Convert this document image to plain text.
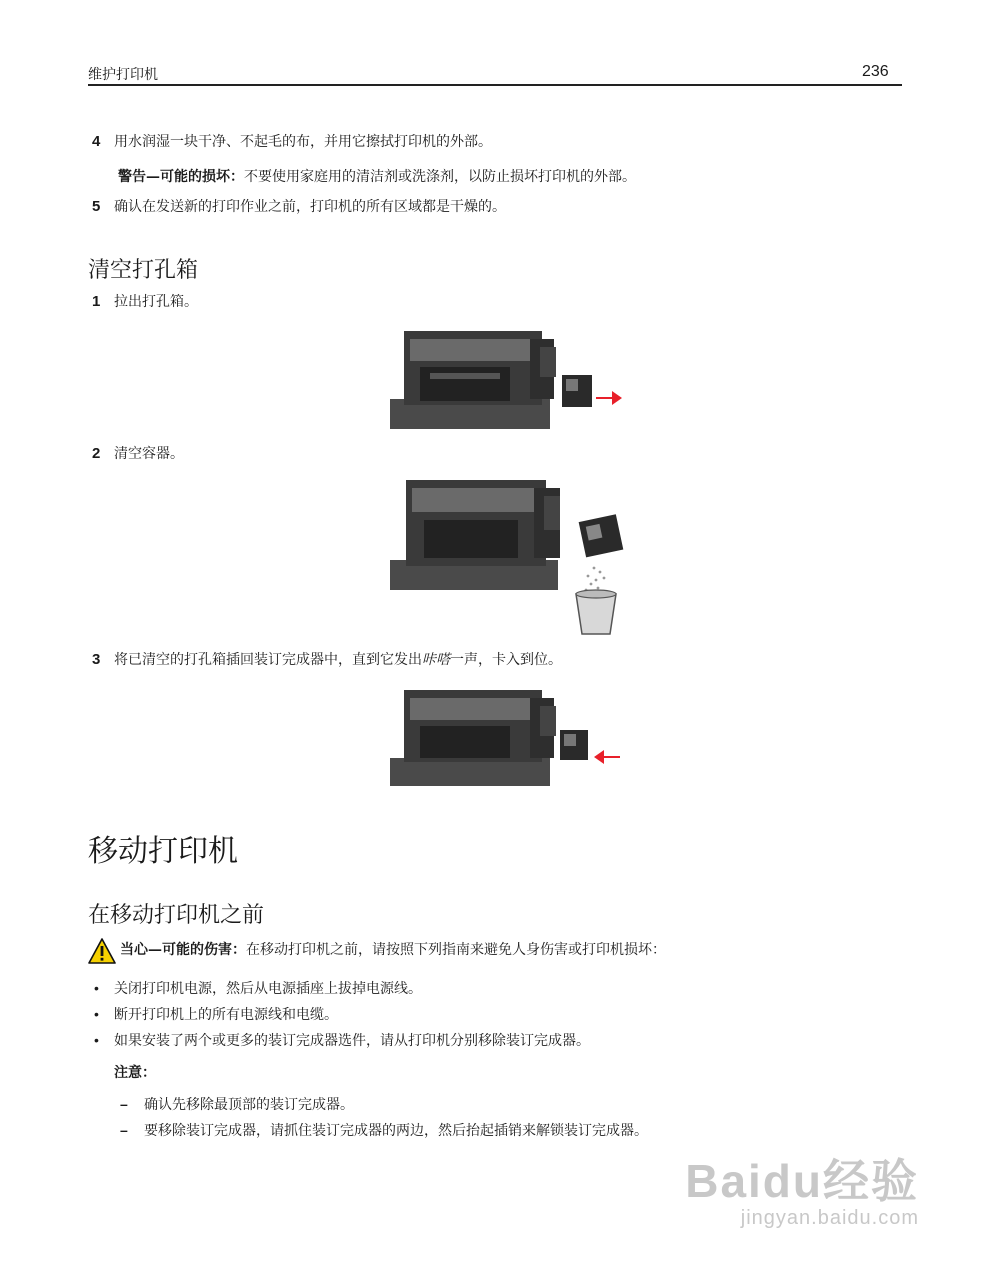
维护打印机	236
4 用水润湿一块干净、不起毛的布，并用它擦拭打印机的外部。
警告—可能的损坏：不要使用家庭用的清洁剂或洗涤剂，以防止损坏打印机的外部。
5 确认在发送新的打印作业之前，打印机的所有区域都是干燥的。
清空打孔箱
1 拉出打孔箱。
2 清空容器。
3 将已清空的打孔箱插回装订完成器中，直到它发出咔嗒一声，卡入到位。
移动打印机
在移动打印机之前
当心—可能的伤害：在移动打印机之前，请按照下列指南来避免人身伤害或打印机损坏：
• 关闭打印机电源，然后从电源插座上拔掉电源线。
• 断开打印机上的所有电源线和电缆。
• 如果安装了两个或更多的装订完成器选件，请从打印机分别移除装订完成器。
注意：
– 确认先移除最顶部的装订完成器。
– 要移除装订完成器，请抓住装订完成器的两边，然后抬起插销来解锁装订完成器。
Baidu经验
jingyan.baidu.com
